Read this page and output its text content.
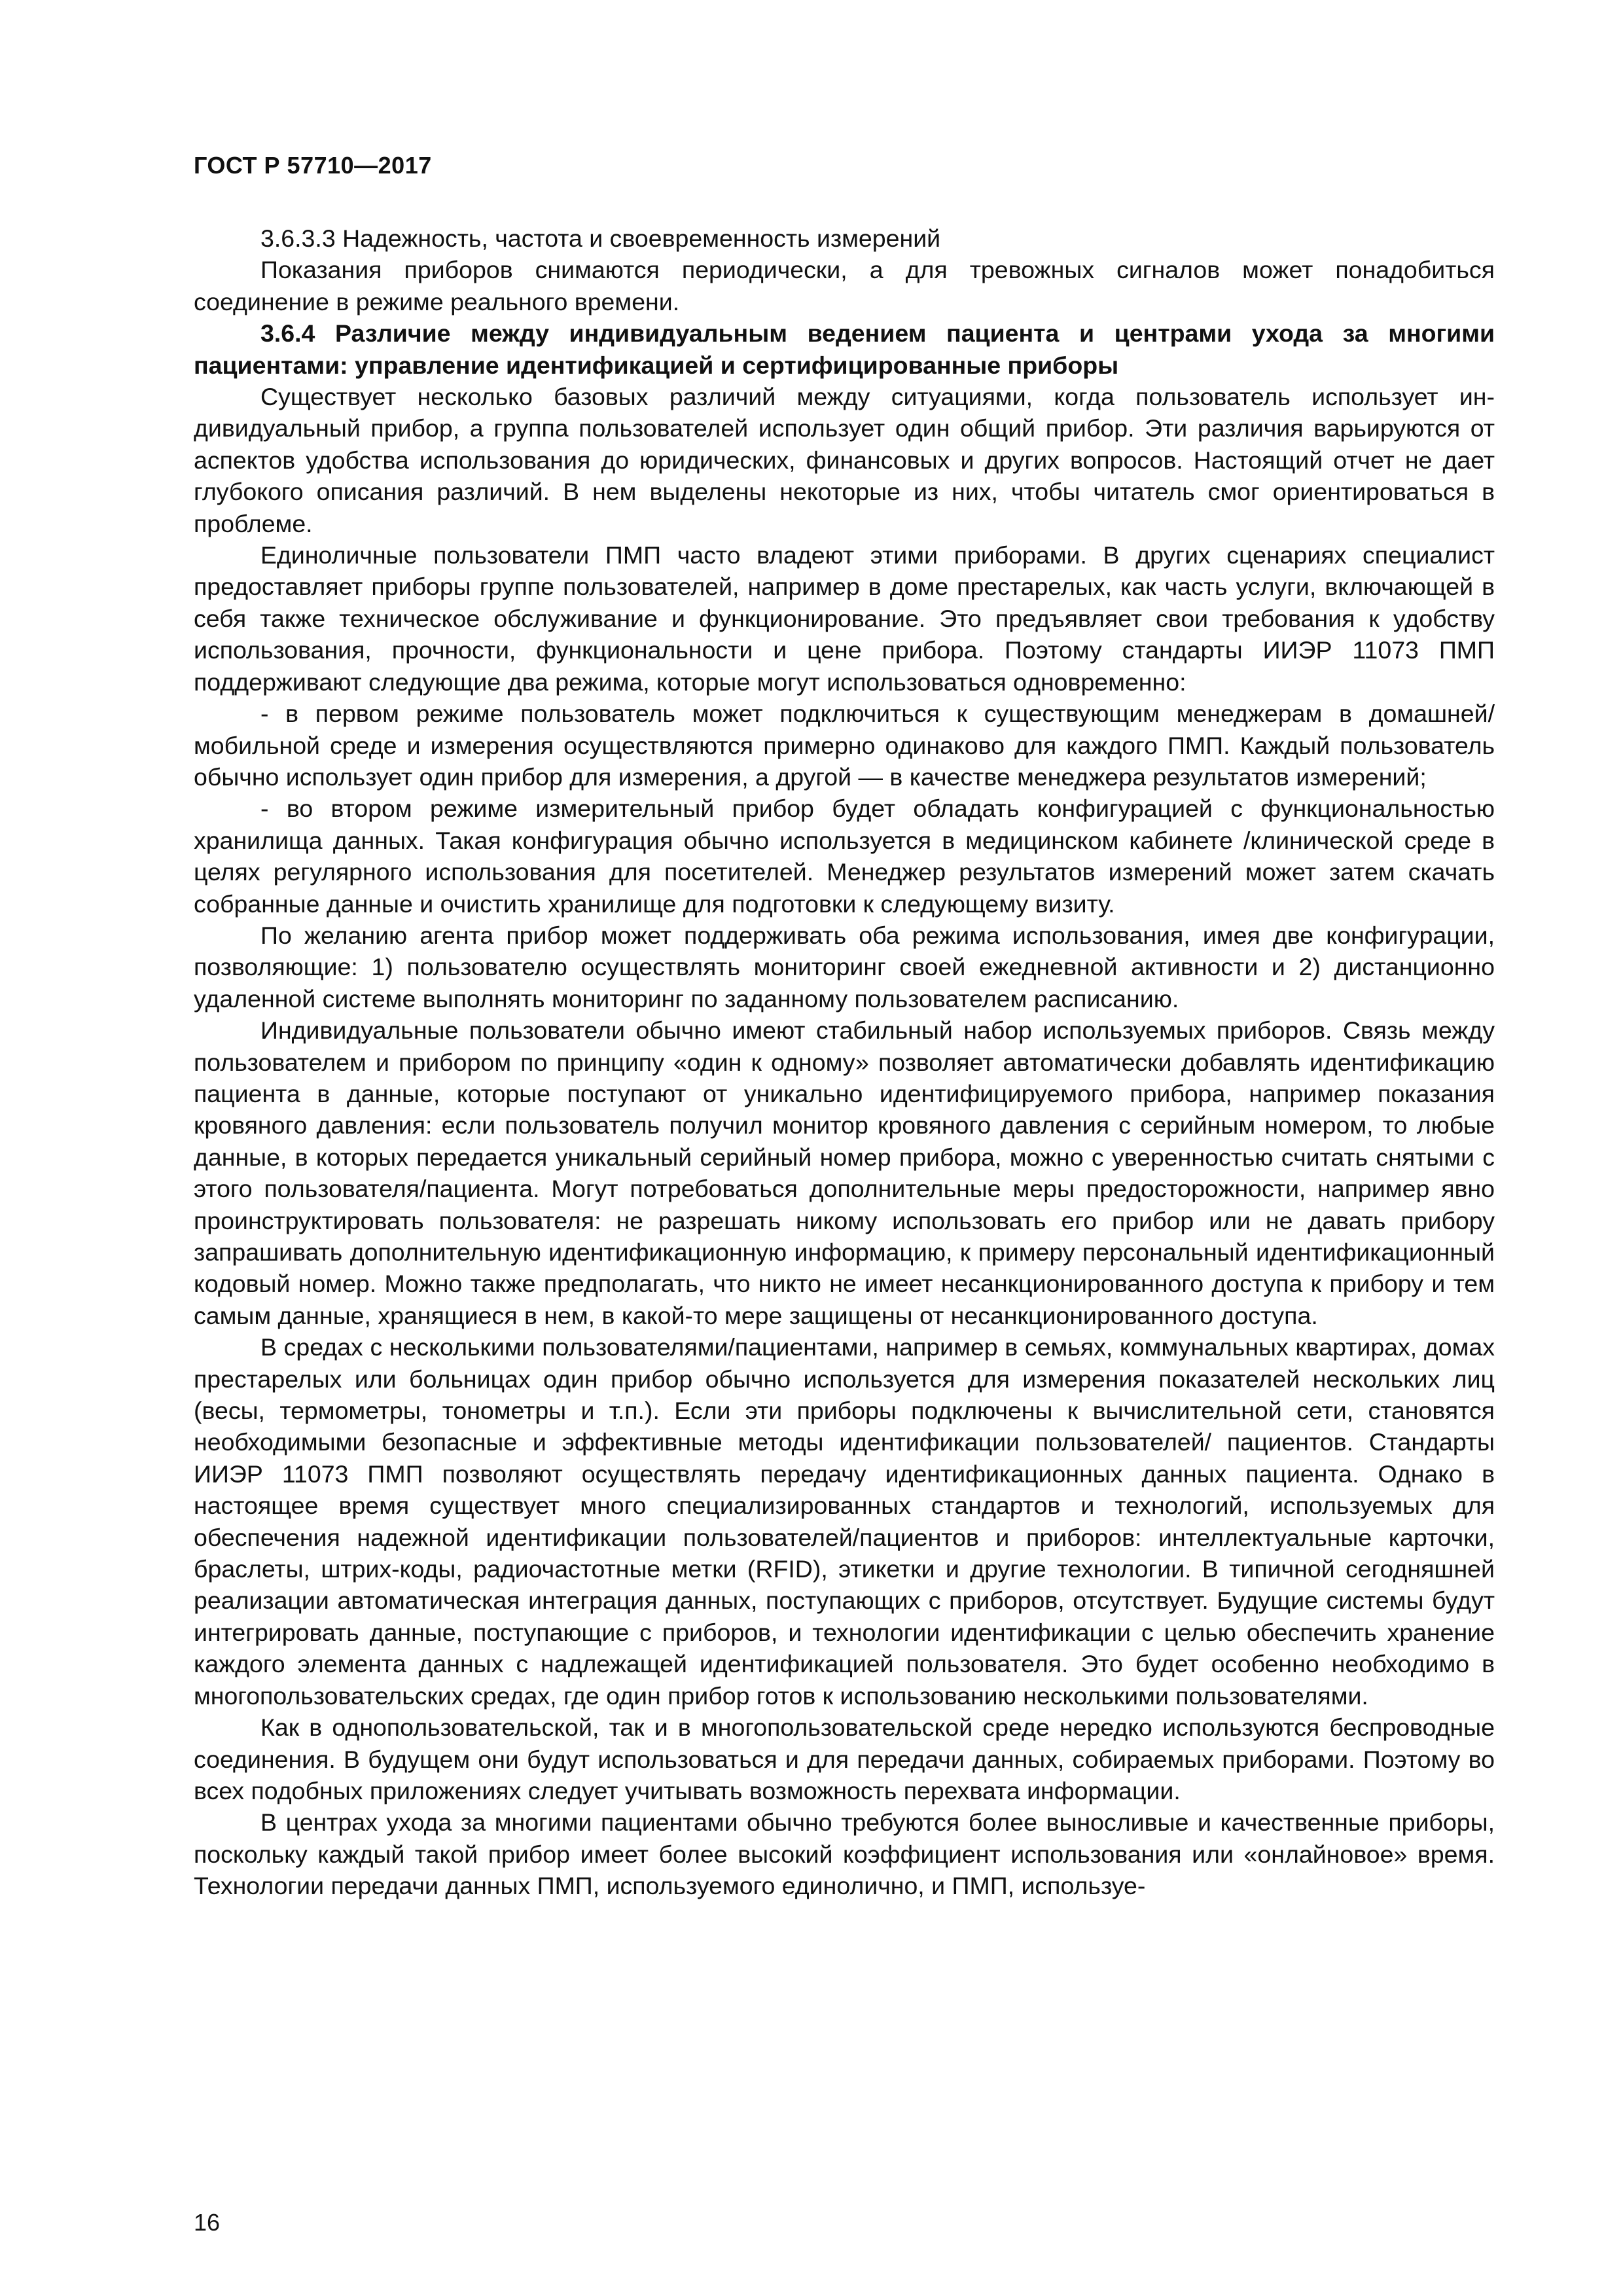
ГОСТ Р 57710—2017

3.6.3.3 Надежность, частота и своевременность измерений

Показания приборов снимаются периодически, а для тревожных сигналов может понадобиться соединение в режиме реального времени.

3.6.4 Различие между индивидуальным ведением пациента и центрами ухода за многими пациентами: управление идентификацией и сертифицированные приборы

Существует несколько базовых различий между ситуациями, когда пользователь использует индивидуальный прибор, а группа пользователей использует один общий прибор. Эти различия варьируются от аспектов удобства использования до юридических, финансовых и других вопросов. Настоящий отчет не дает глубокого описания различий. В нем выделены некоторые из них, чтобы читатель смог ориентироваться в проблеме.

Единоличные пользователи ПМП часто владеют этими приборами. В других сценариях специалист предоставляет приборы группе пользователей, например в доме престарелых, как часть услуги, включающей в себя также техническое обслуживание и функционирование. Это предъявляет свои требования к удобству использования, прочности, функциональности и цене прибора. Поэтому стандарты ИИЭР 11073 ПМП поддерживают следующие два режима, которые могут использоваться одновременно:

- в первом режиме пользователь может подключиться к существующим менеджерам в домашней/ мобильной среде и измерения осуществляются примерно одинаково для каждого ПМП. Каждый пользователь обычно использует один прибор для измерения, а другой — в качестве менеджера результатов измерений;

- во втором режиме измерительный прибор будет обладать конфигурацией с функциональностью хранилища данных. Такая конфигурация обычно используется в медицинском кабинете /клинической среде в целях регулярного использования для посетителей. Менеджер результатов измерений может затем скачать собранные данные и очистить хранилище для подготовки к следующему визиту.

По желанию агента прибор может поддерживать оба режима использования, имея две конфигурации, позволяющие: 1) пользователю осуществлять мониторинг своей ежедневной активности и 2) дистанционно удаленной системе выполнять мониторинг по заданному пользователем расписанию.

Индивидуальные пользователи обычно имеют стабильный набор используемых приборов. Связь между пользователем и прибором по принципу «один к одному» позволяет автоматически добавлять идентификацию пациента в данные, которые поступают от уникально идентифицируемого прибора, например показания кровяного давления: если пользователь получил монитор кровяного давления с серийным номером, то любые данные, в которых передается уникальный серийный номер прибора, можно с уверенностью считать снятыми с этого пользователя/пациента. Могут потребоваться дополнительные меры предосторожности, например явно проинструктировать пользователя: не разрешать никому использовать его прибор или не давать прибору запрашивать дополнительную идентификационную информацию, к примеру персональный идентификационный кодовый номер. Можно также предполагать, что никто не имеет несанкционированного доступа к прибору и тем самым данные, хранящиеся в нем, в какой-то мере защищены от несанкционированного доступа.

В средах с несколькими пользователями/пациентами, например в семьях, коммунальных квартирах, домах престарелых или больницах один прибор обычно используется для измерения показателей нескольких лиц (весы, термометры, тонометры и т.п.). Если эти приборы подключены к вычислительной сети, становятся необходимыми безопасные и эффективные методы идентификации пользователей/ пациентов. Стандарты ИИЭР 11073 ПМП позволяют осуществлять передачу идентификационных данных пациента. Однако в настоящее время существует много специализированных стандартов и технологий, используемых для обеспечения надежной идентификации пользователей/пациентов и приборов: интеллектуальные карточки, браслеты, штрих-коды, радиочастотные метки (RFID), этикетки и другие технологии. В типичной сегодняшней реализации автоматическая интеграция данных, поступающих с приборов, отсутствует. Будущие системы будут интегрировать данные, поступающие с приборов, и технологии идентификации с целью обеспечить хранение каждого элемента данных с надлежащей идентификацией пользователя. Это будет особенно необходимо в многопользовательских средах, где один прибор готов к использованию несколькими пользователями.

Как в однопользовательской, так и в многопользовательской среде нередко используются беспроводные соединения. В будущем они будут использоваться и для передачи данных, собираемых приборами. Поэтому во всех подобных приложениях следует учитывать возможность перехвата информации.

В центрах ухода за многими пациентами обычно требуются более выносливые и качественные приборы, поскольку каждый такой прибор имеет более высокий коэффициент использования или «онлайновое» время. Технологии передачи данных ПМП, используемого единолично, и ПМП, используе-

16
